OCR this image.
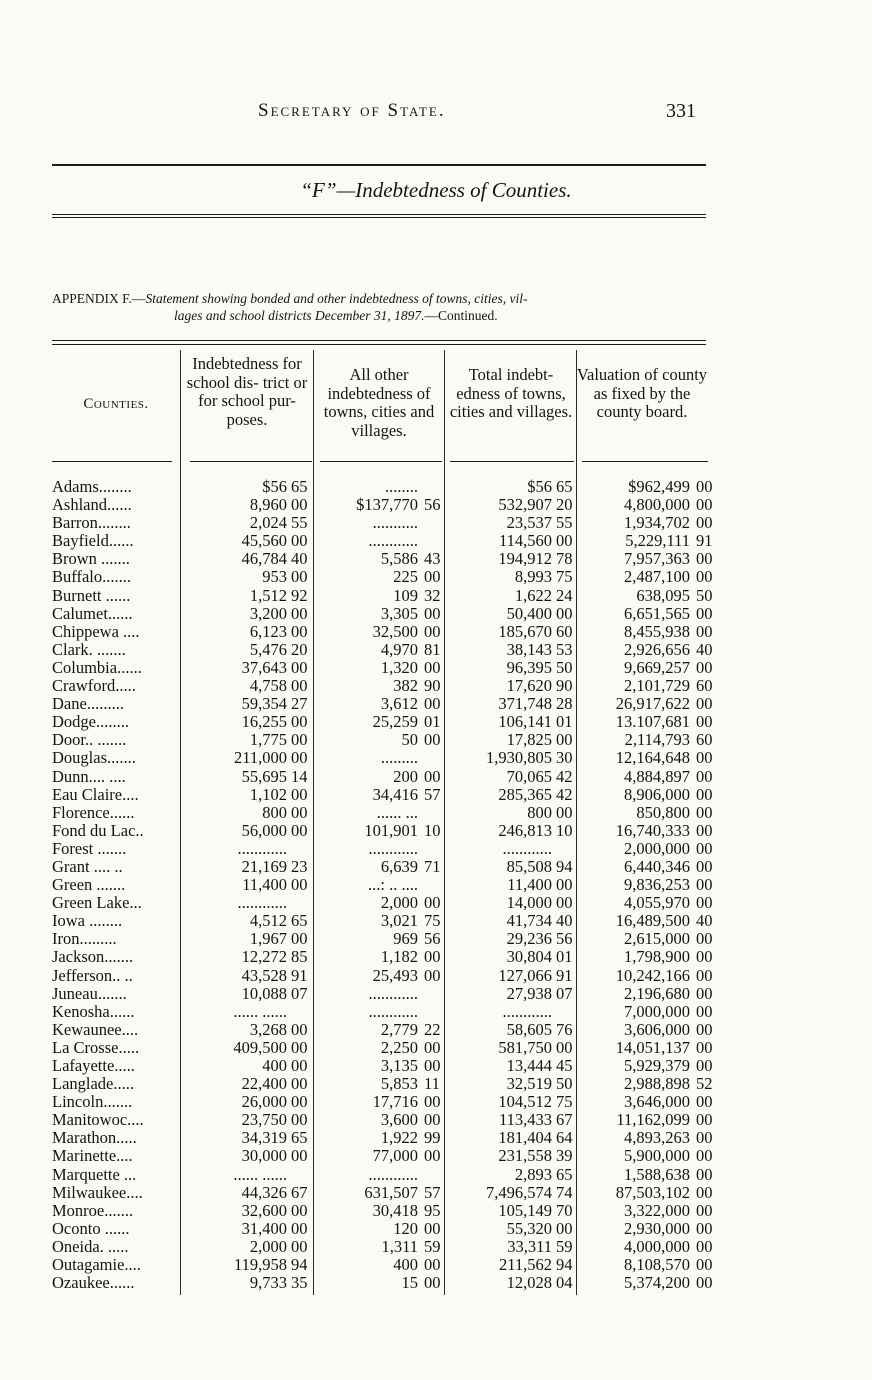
Secretary of State.	331
“F”—Indebtedness of Counties.
APPENDIX F.—Statement showing bonded and other indebtedness of towns, cities, vil-
lages and school districts December 31, 1897.—Continued.
Counties.
Indebtedness for school dis- trict or for school pur- poses.
All other indebtedness of towns, cities and villages.
Total indebt- edness of towns, cities and villages.
Valuation of county as fixed by the county board.
Adams........	$56 65	........	$56 65	$962,499 00
Ashland......	8,960 00	$137,770 56	532,907 20	4,800,000 00
Barron........	2,024 55	...........	23,537 55	1,934,702 00
Bayfield......	45,560 00	............	114,560 00	5,229,111 91
Brown .......	46,784 40	5,586 43	194,912 78	7,957,363 00
Buffalo.......	953 00	225 00	8,993 75	2,487,100 00
Burnett ......	1,512 92	109 32	1,622 24	638,095 50
Calumet......	3,200 00	3,305 00	50,400 00	6,651,565 00
Chippewa ....	6,123 00	32,500 00	185,670 60	8,455,938 00
Clark. .......	5,476 20	4,970 81	38,143 53	2,926,656 40
Columbia......	37,643 00	1,320 00	96,395 50	9,669,257 00
Crawford.....	4,758 00	382 90	17,620 90	2,101,729 60
Dane.........	59,354 27	3,612 00	371,748 28	26,917,622 00
Dodge........	16,255 00	25,259 01	106,141 01	13.107,681 00
Door.. .......	1,775 00	50 00	17,825 00	2,114,793 60
Douglas.......	211,000 00	.........	1,930,805 30	12,164,648 00
Dunn.... ....	55,695 14	200 00	70,065 42	4,884,897 00
Eau Claire....	1,102 00	34,416 57	285,365 42	8,906,000 00
Florence......	800 00	...... ...	800 00	850,800 00
Fond du Lac..	56,000 00	101,901 10	246,813 10	16,740,333 00
Forest .......	............	............	............	2,000,000 00
Grant .... ..	21,169 23	6,639 71	85,508 94	6,440,346 00
Green .......	11,400 00	...: .. ....	11,400 00	9,836,253 00
Green Lake...	............	2,000 00	14,000 00	4,055,970 00
Iowa ........	4,512 65	3,021 75	41,734 40	16,489,500 40
Iron.........	1,967 00	969 56	29,236 56	2,615,000 00
Jackson.......	12,272 85	1,182 00	30,804 01	1,798,900 00
Jefferson.. ..	43,528 91	25,493 00	127,066 91	10,242,166 00
Juneau.......	10,088 07	............	27,938 07	2,196,680 00
Kenosha......	...... ......	............	............	7,000,000 00
Kewaunee....	3,268 00	2,779 22	58,605 76	3,606,000 00
La Crosse.....	409,500 00	2,250 00	581,750 00	14,051,137 00
Lafayette.....	400 00	3,135 00	13,444 45	5,929,379 00
Langlade.....	22,400 00	5,853 11	32,519 50	2,988,898 52
Lincoln.......	26,000 00	17,716 00	104,512 75	3,646,000 00
Manitowoc....	23,750 00	3,600 00	113,433 67	11,162,099 00
Marathon.....	34,319 65	1,922 99	181,404 64	4,893,263 00
Marinette....	30,000 00	77,000 00	231,558 39	5,900,000 00
Marquette ...	...... ......	............	2,893 65	1,588,638 00
Milwaukee....	44,326 67	631,507 57	7,496,574 74	87,503,102 00
Monroe.......	32,600 00	30,418 95	105,149 70	3,322,000 00
Oconto ......	31,400 00	120 00	55,320 00	2,930,000 00
Oneida. .....	2,000 00	1,311 59	33,311 59	4,000,000 00
Outagamie....	119,958 94	400 00	211,562 94	8,108,570 00
Ozaukee......	9,733 35	15 00	12,028 04	5,374,200 00
